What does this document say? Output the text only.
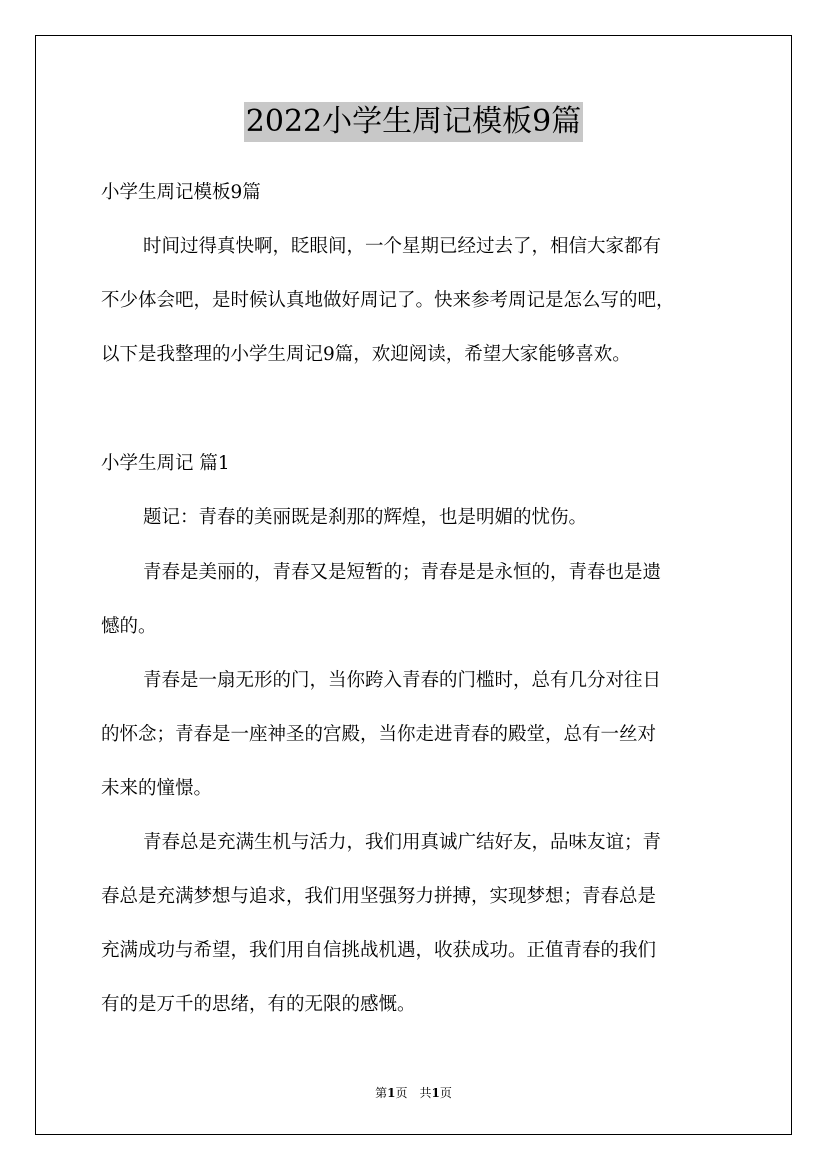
2022小学生周记模板9篇
小学生周记模板9篇
时间过得真快啊，眨眼间，一个星期已经过去了，相信大家都有
不少体会吧，是时候认真地做好周记了。快来参考周记是怎么写的吧，
以下是我整理的小学生周记9篇，欢迎阅读，希望大家能够喜欢。
小学生周记 篇1
题记：青春的美丽既是刹那的辉煌，也是明媚的忧伤。
青春是美丽的，青春又是短暂的；青春是是永恒的，青春也是遗
憾的。
青春是一扇无形的门，当你跨入青春的门槛时，总有几分对往日
的怀念；青春是一座神圣的宫殿，当你走进青春的殿堂，总有一丝对
未来的憧憬。
青春总是充满生机与活力，我们用真诚广结好友，品味友谊；青
春总是充满梦想与追求，我们用坚强努力拼搏，实现梦想；青春总是
充满成功与希望，我们用自信挑战机遇，收获成功。正值青春的我们
有的是万千的思绪，有的无限的感慨。
第1页 共1页
